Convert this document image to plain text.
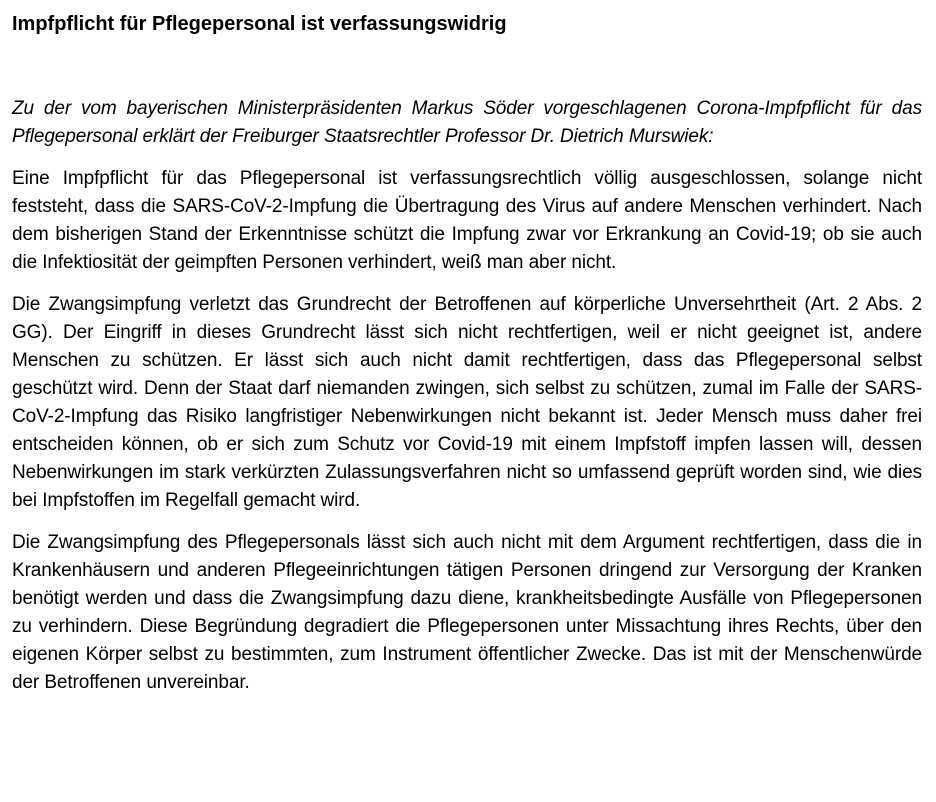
Impfpflicht für Pflegepersonal ist verfassungswidrig

Zu der vom bayerischen Ministerpräsidenten Markus Söder vorgeschlagenen Corona-Impfpflicht für das Pflegepersonal erklärt der Freiburger Staatsrechtler Professor Dr. Dietrich Murswiek:

Eine Impfpflicht für das Pflegepersonal ist verfassungsrechtlich völlig ausgeschlossen, solange nicht feststeht, dass die SARS-CoV-2-Impfung die Übertragung des Virus auf andere Menschen verhindert. Nach dem bisherigen Stand der Erkenntnisse schützt die Impfung zwar vor Erkrankung an Covid-19; ob sie auch die Infektiosität der geimpften Personen verhindert, weiß man aber nicht.

Die Zwangsimpfung verletzt das Grundrecht der Betroffenen auf körperliche Unversehrtheit (Art. 2 Abs. 2 GG). Der Eingriff in dieses Grundrecht lässt sich nicht rechtfertigen, weil er nicht geeignet ist, andere Menschen zu schützen. Er lässt sich auch nicht damit rechtfertigen, dass das Pflegepersonal selbst geschützt wird. Denn der Staat darf niemanden zwingen, sich selbst zu schützen, zumal im Falle der SARS-CoV-2-Impfung das Risiko langfristiger Nebenwirkungen nicht bekannt ist. Jeder Mensch muss daher frei entscheiden können, ob er sich zum Schutz vor Covid-19 mit einem Impfstoff impfen lassen will, dessen Nebenwirkungen im stark verkürzten Zulassungsverfahren nicht so umfassend geprüft worden sind, wie dies bei Impfstoffen im Regelfall gemacht wird.

Die Zwangsimpfung des Pflegepersonals lässt sich auch nicht mit dem Argument rechtfertigen, dass die in Krankenhäusern und anderen Pflegeeinrichtungen tätigen Personen dringend zur Versorgung der Kranken benötigt werden und dass die Zwangsimpfung dazu diene, krankheitsbedingte Ausfälle von Pflegepersonen zu verhindern. Diese Begründung degradiert die Pflegepersonen unter Missachtung ihres Rechts, über den eigenen Körper selbst zu bestimmten, zum Instrument öffentlicher Zwecke. Das ist mit der Menschenwürde der Betroffenen unvereinbar.
